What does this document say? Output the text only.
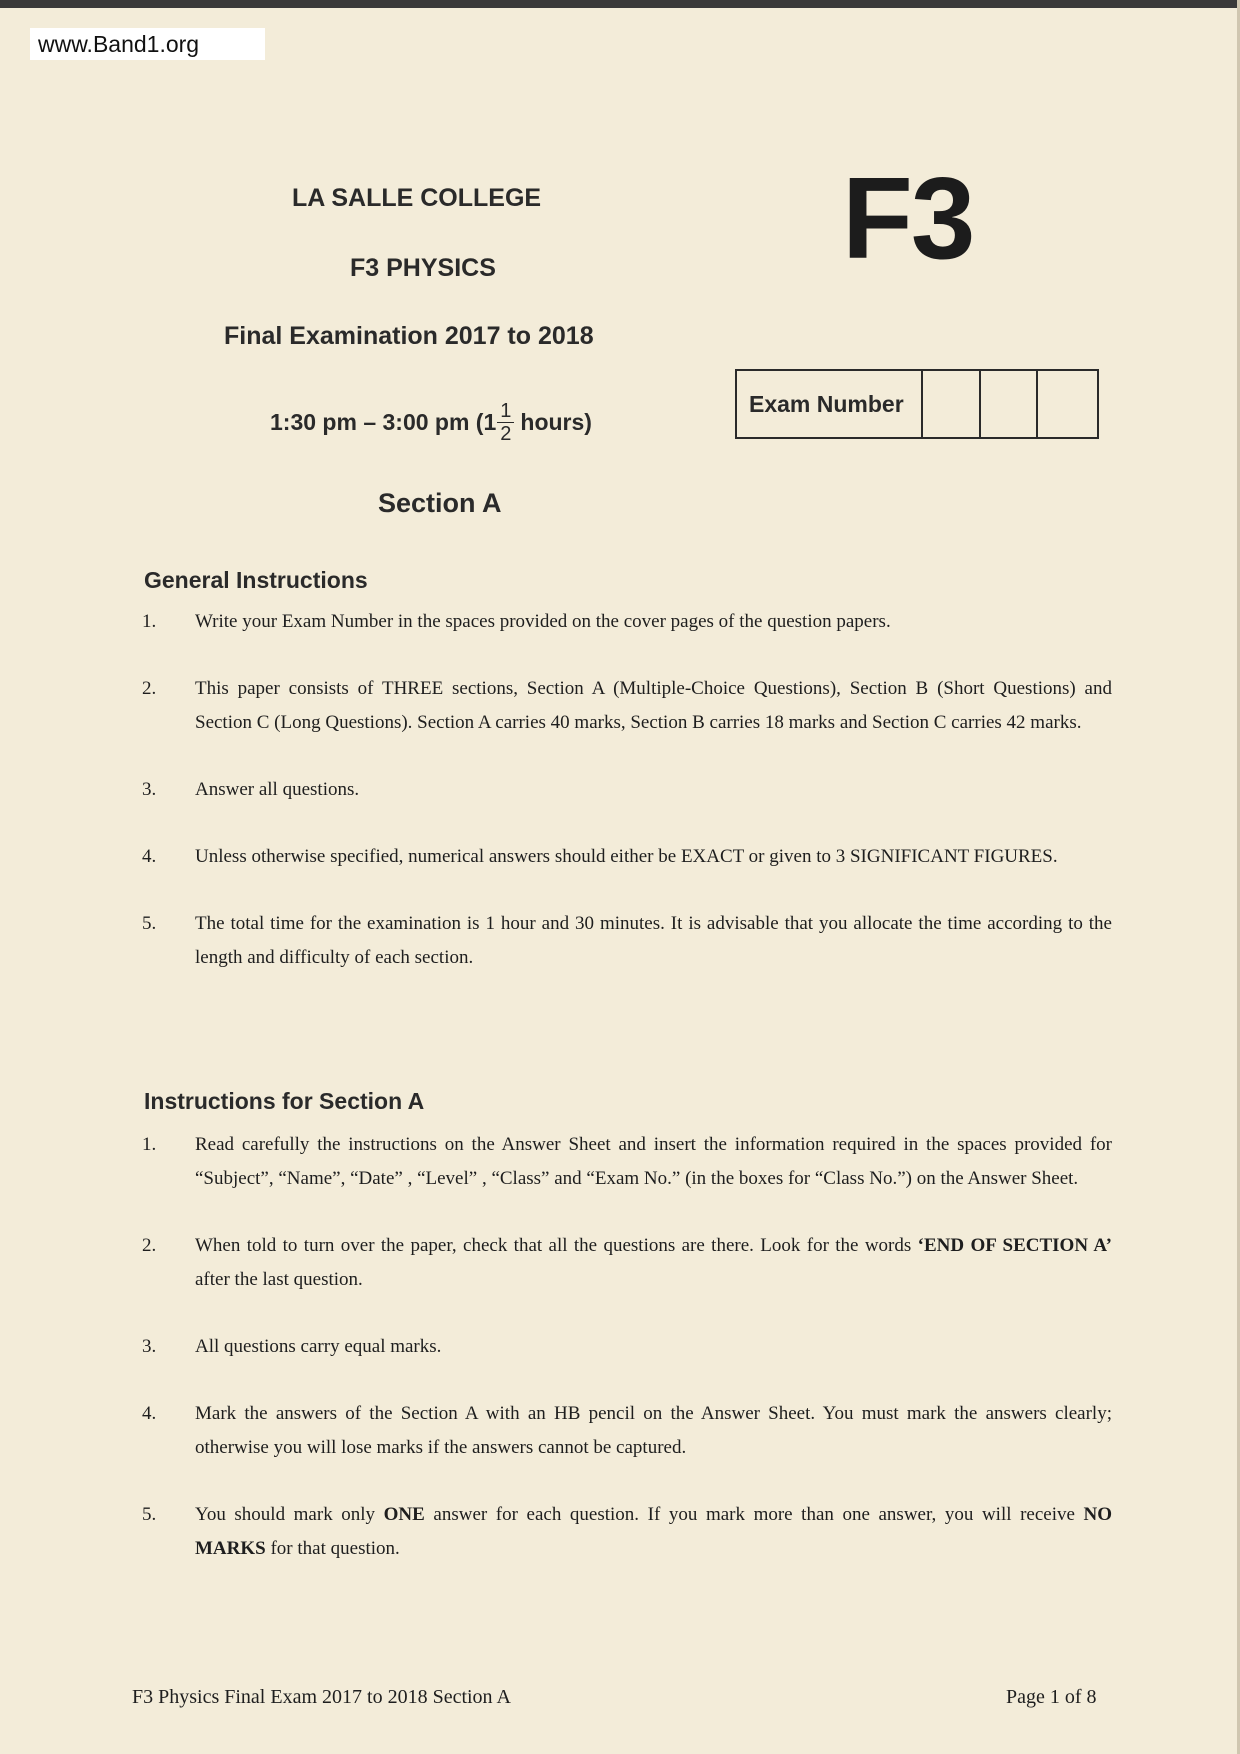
www.Band1.org
LA SALLE COLLEGE
F3 PHYSICS
Final Examination 2017 to 2018
1:30 pm – 3:00 pm ($1 \frac{1}{2}$ hours)
F3
Exam Number
Section A
General Instructions
1.	Write your Exam Number in the spaces provided on the cover pages of the question papers.
2.	This paper consists of THREE sections, Section A (Multiple-Choice Questions), Section B (Short Questions) and Section C (Long Questions). Section A carries 40 marks, Section B carries 18 marks and Section C carries 42 marks.
3.	Answer all questions.
4.	Unless otherwise specified, numerical answers should either be EXACT or given to 3 SIGNIFICANT FIGURES.
5.	The total time for the examination is 1 hour and 30 minutes. It is advisable that you allocate the time according to the length and difficulty of each section.
Instructions for Section A
1.	Read carefully the instructions on the Answer Sheet and insert the information required in the spaces provided for “Subject”, “Name”, “Date” , “Level” , “Class” and “Exam No.” (in the boxes for “Class No.”) on the Answer Sheet.
2.	When told to turn over the paper, check that all the questions are there. Look for the words ‘END OF SECTION A’ after the last question.
3.	All questions carry equal marks.
4.	Mark the answers of the Section A with an HB pencil on the Answer Sheet. You must mark the answers clearly; otherwise you will lose marks if the answers cannot be captured.
5.	You should mark only ONE answer for each question. If you mark more than one answer, you will receive NO MARKS for that question.
F3 Physics Final Exam 2017 to 2018 Section A	Page 1 of 8
